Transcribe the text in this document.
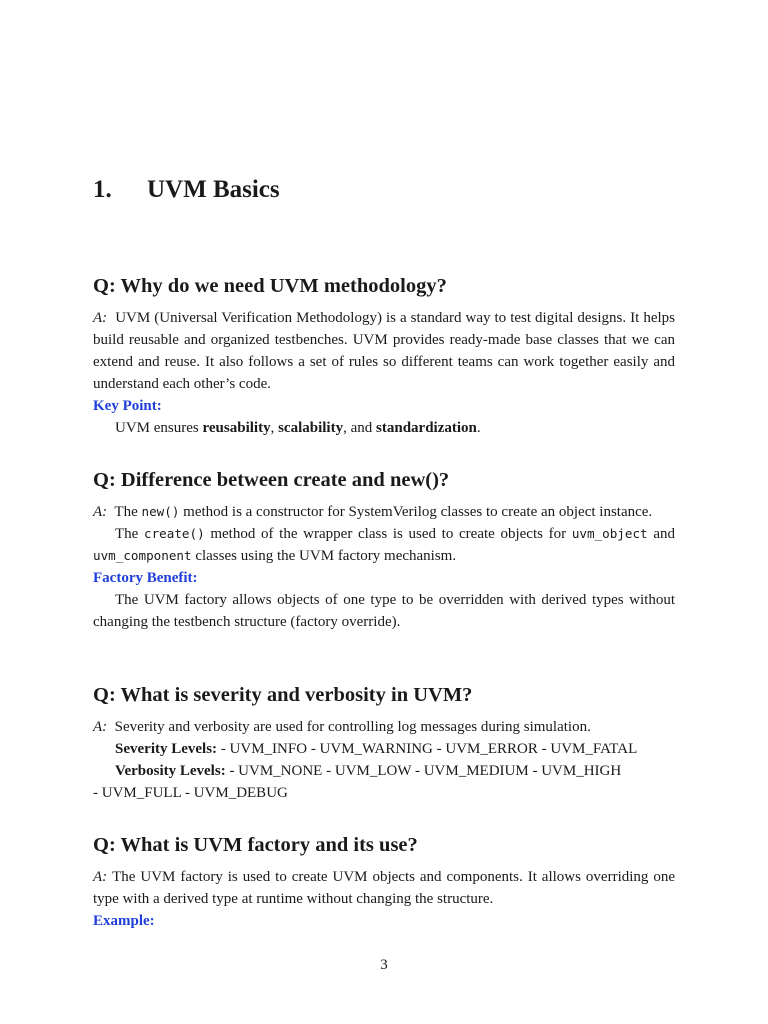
1. UVM Basics
Q: Why do we need UVM methodology?

A: UVM (Universal Verification Methodology) is a standard way to test digital designs. It helps build reusable and organized testbenches. UVM provides ready-made base classes that we can extend and reuse. It also follows a set of rules so different teams can work together easily and understand each other’s code.

Key Point:

UVM ensures reusability, scalability, and standardization.

Q: Difference between create and new()?

A: The new() method is a constructor for SystemVerilog classes to create an object instance.

The create() method of the wrapper class is used to create objects for uvm_object and uvm_component classes using the UVM factory mechanism.

Factory Benefit:

The UVM factory allows objects of one type to be overridden with derived types without changing the testbench structure (factory override).

Q: What is severity and verbosity in UVM?

A: Severity and verbosity are used for controlling log messages during simulation.

Severity Levels: - UVM_INFO - UVM_WARNING - UVM_ERROR - UVM_FATAL

Verbosity Levels: - UVM_NONE - UVM_LOW - UVM_MEDIUM - UVM_HIGH

- UVM_FULL - UVM_DEBUG

Q: What is UVM factory and its use?

A: The UVM factory is used to create UVM objects and components. It allows overriding one type with a derived type at runtime without changing the structure.

Example:
3
